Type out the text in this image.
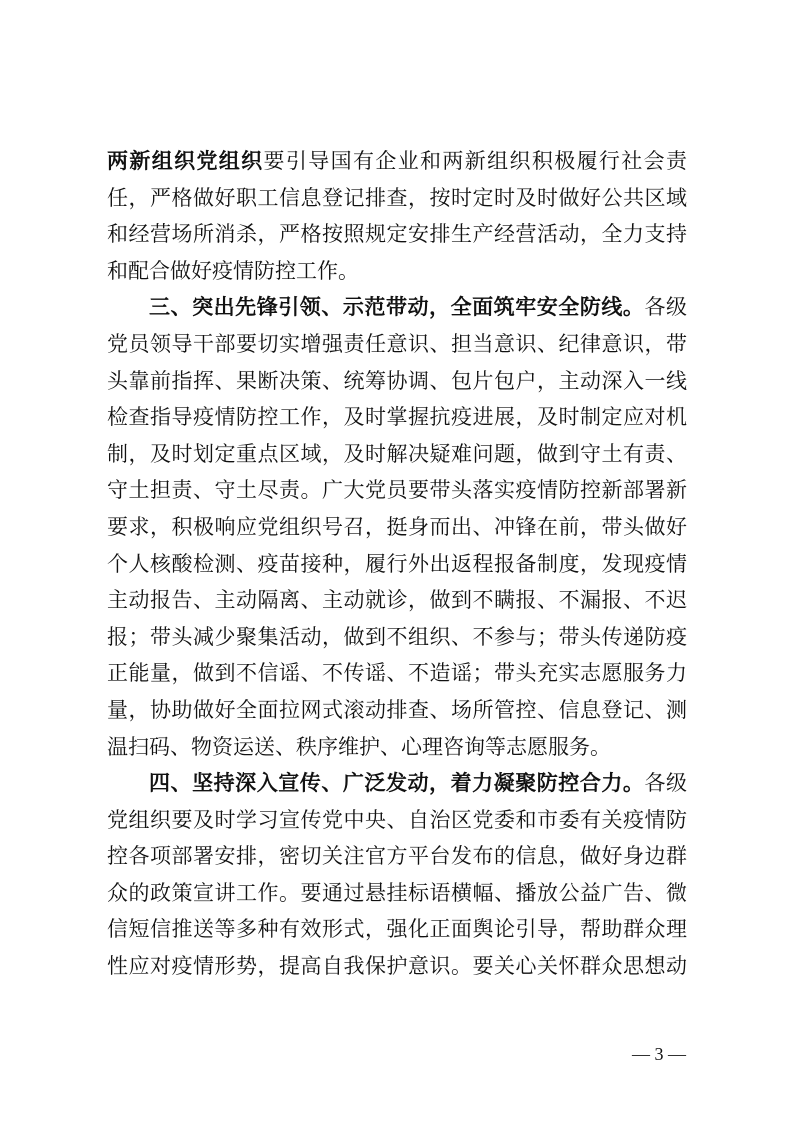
两新组织党组织要引导国有企业和两新组织积极履行社会责
任，严格做好职工信息登记排查，按时定时及时做好公共区域
和经营场所消杀，严格按照规定安排生产经营活动，全力支持
和配合做好疫情防控工作。
三、突出先锋引领、示范带动，全面筑牢安全防线。各级
党员领导干部要切实增强责任意识、担当意识、纪律意识，带
头靠前指挥、果断决策、统筹协调、包片包户，主动深入一线
检查指导疫情防控工作，及时掌握抗疫进展，及时制定应对机
制，及时划定重点区域，及时解决疑难问题，做到守土有责、
守土担责、守土尽责。广大党员要带头落实疫情防控新部署新
要求，积极响应党组织号召，挺身而出、冲锋在前，带头做好
个人核酸检测、疫苗接种，履行外出返程报备制度，发现疫情
主动报告、主动隔离、主动就诊，做到不瞒报、不漏报、不迟
报；带头减少聚集活动，做到不组织、不参与；带头传递防疫
正能量，做到不信谣、不传谣、不造谣；带头充实志愿服务力
量，协助做好全面拉网式滚动排查、场所管控、信息登记、测
温扫码、物资运送、秩序维护、心理咨询等志愿服务。
四、坚持深入宣传、广泛发动，着力凝聚防控合力。各级
党组织要及时学习宣传党中央、自治区党委和市委有关疫情防
控各项部署安排，密切关注官方平台发布的信息，做好身边群
众的政策宣讲工作。要通过悬挂标语横幅、播放公益广告、微
信短信推送等多种有效形式，强化正面舆论引导，帮助群众理
性应对疫情形势，提高自我保护意识。要关心关怀群众思想动
— 3 —
